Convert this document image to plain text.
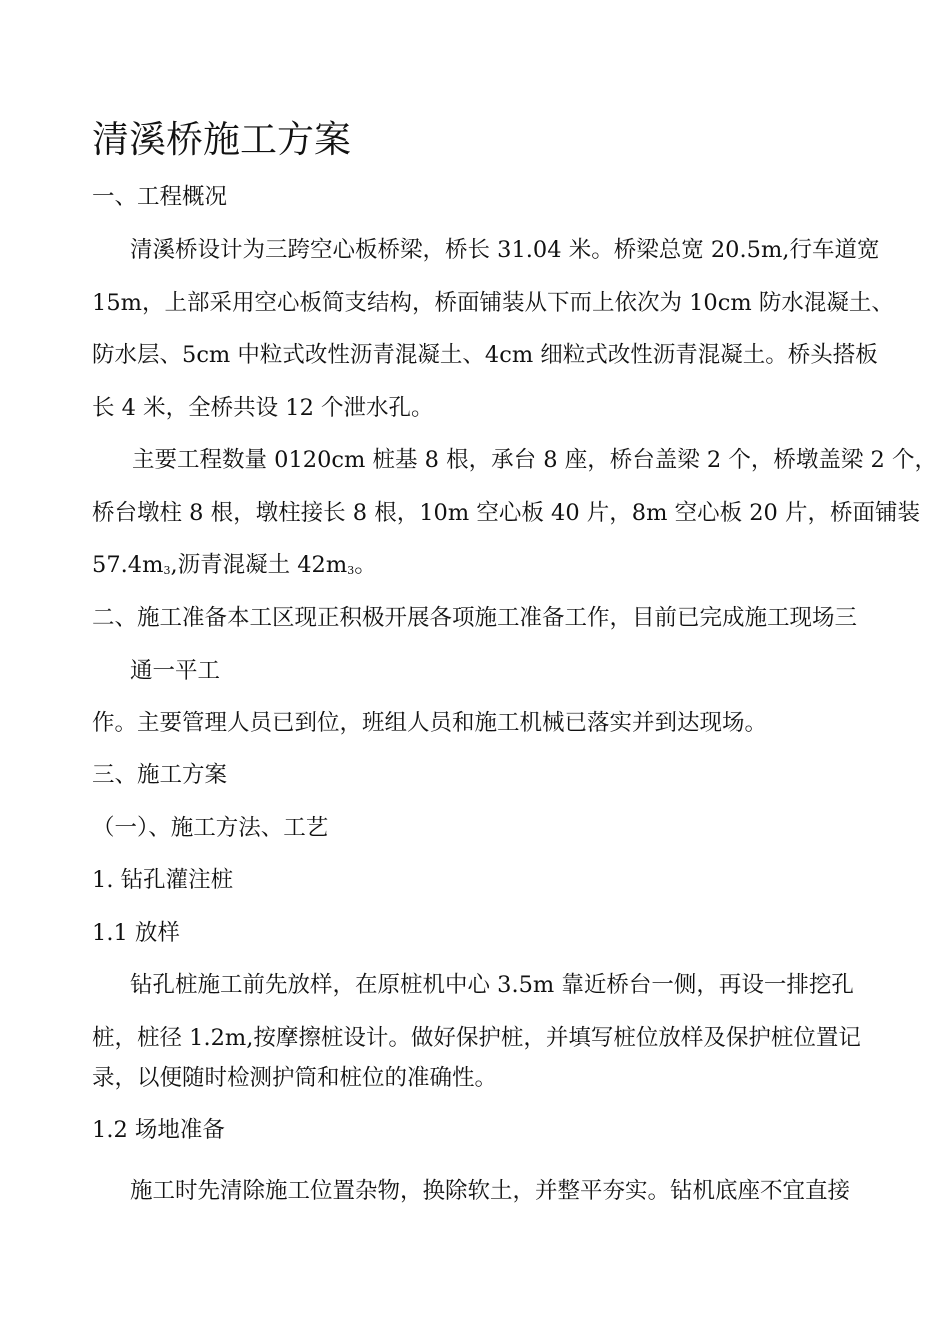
清溪桥施工方案
一、工程概况
清溪桥设计为三跨空心板桥梁，桥长 31.04 米。桥梁总宽 20.5m,行车道宽
15m，上部采用空心板简支结构，桥面铺装从下而上依次为 10cm 防水混凝土、
防水层、5cm 中粒式改性沥青混凝土、4cm 细粒式改性沥青混凝土。桥头搭板
长 4 米，全桥共设 12 个泄水孔。
主要工程数量 0120cm 桩基 8 根，承台 8 座，桥台盖梁 2 个，桥墩盖梁 2 个，
桥台墩柱 8 根，墩柱接长 8 根，10m 空心板 40 片，8m 空心板 20 片，桥面铺装
$57.4m_3$,沥青混凝土 $42m_3$。
二、施工准备本工区现正积极开展各项施工准备工作，目前已完成施工现场三
通一平工
作。主要管理人员已到位，班组人员和施工机械已落实并到达现场。
三、施工方案
（一）、施工方法、工艺
1. 钻孔灌注桩
1.1 放样
钻孔桩施工前先放样，在原桩机中心 3.5m 靠近桥台一侧，再设一排挖孔
桩，桩径 1.2m,按摩擦桩设计。做好保护桩，并填写桩位放样及保护桩位置记
录，以便随时检测护筒和桩位的准确性。
1.2 场地准备
施工时先清除施工位置杂物，换除软土，并整平夯实。钻机底座不宜直接
